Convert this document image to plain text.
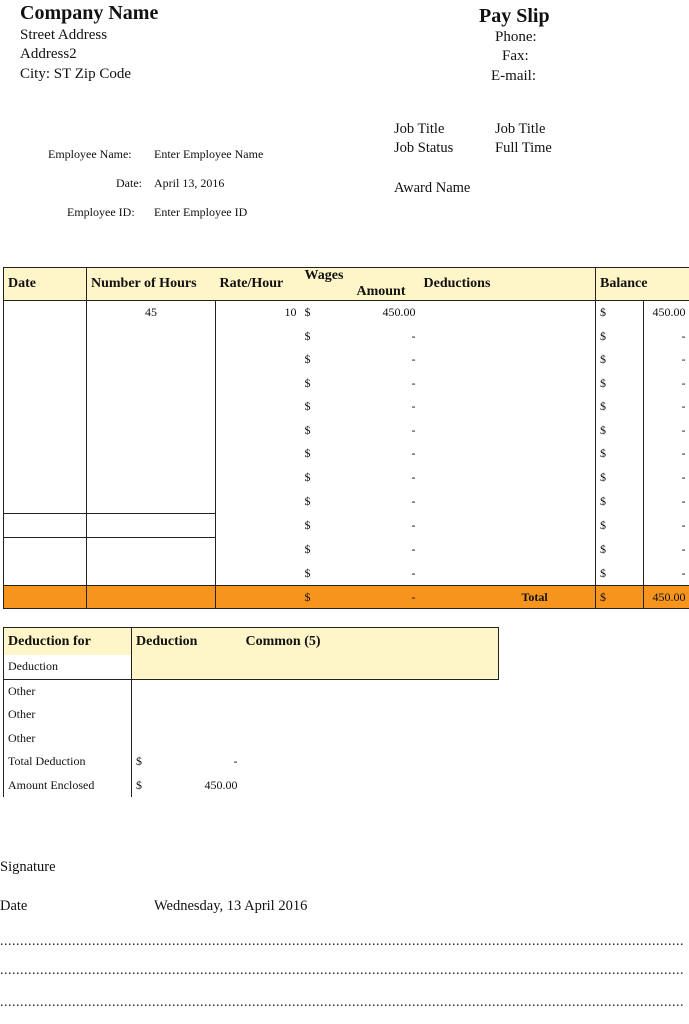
Company Name
Street Address
Address2
City: ST Zip Code
Pay Slip
Phone:
Fax:
E-mail:
Employee Name: Enter Employee Name
Date: April 13, 2016
Employee ID: Enter Employee ID
Job Title	Job Title
Job Status	Full Time
Award Name
Date	Number of Hours	Rate/Hour	Wages Amount		Deductions	Balance	
	45	10	$	450.00		$	450.00
			$	-		$	-
			$	-		$	-
			$	-		$	-
			$	-		$	-
			$	-		$	-
			$	-		$	-
			$	-		$	-
			$	-		$	-
			$	-		$	-
			$	-		$	-
			$	-		$	-
			$	-	Total	$	450.00
Deduction for	Deduction	Common (5)
Deduction		
Other		
Other		
Other		
Total Deduction	$ -	

Amount Enclosed	$ 450.00	

Signature
Date	Wednesday, 13 April 2016
...........................................................................................................................................................................
...........................................................................................................................................................................
...........................................................................................................................................................................
